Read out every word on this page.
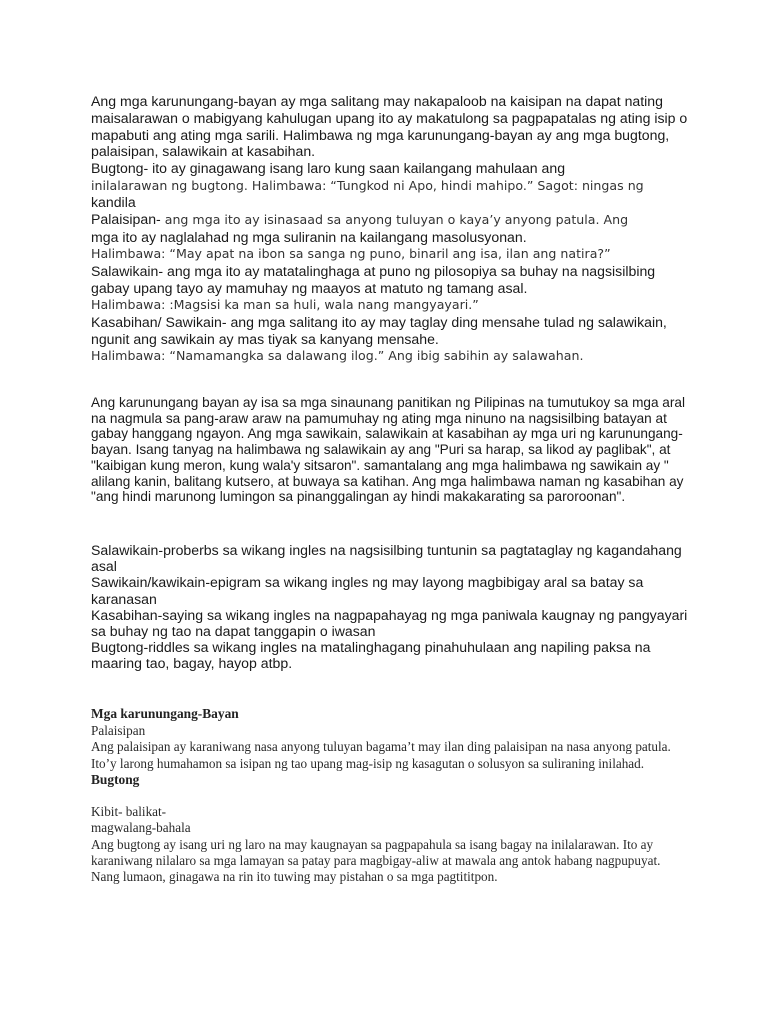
Ang mga karunungang-bayan ay mga salitang may nakapaloob na kaisipan na dapat nating maisalarawan o mabigyang kahulugan upang ito ay makatulong sa pagpapatalas ng ating isip o mapabuti ang ating mga sarili. Halimbawa ng mga karunungang-bayan ay ang mga bugtong, palaisipan, salawikain at kasabihan.

Bugtong- ito ay ginagawang isang laro kung saan kailangang mahulaan ang

inilalarawan ng bugtong. Halimbawa: “Tungkod ni Apo, hindi mahipo.” Sagot: ningas ng

kandila

Palaisipan- ang mga ito ay isinasaad sa anyong tuluyan o kaya’y anyong patula. Ang

mga ito ay naglalahad ng mga suliranin na kailangang masolusyonan.

Halimbawa: “May apat na ibon sa sanga ng puno, binaril ang isa, ilan ang natira?”

Salawikain- ang mga ito ay matatalinghaga at puno ng pilosopiya sa buhay na nagsisilbing gabay upang tayo ay mamuhay ng maayos at matuto ng tamang asal.

Halimbawa: :Magsisi ka man sa huli, wala nang mangyayari.”

Kasabihan/ Sawikain- ang mga salitang ito ay may taglay ding mensahe tulad ng salawikain, ngunit ang sawikain ay mas tiyak sa kanyang mensahe.

Halimbawa: “Namamangka sa dalawang ilog.” Ang ibig sabihin ay salawahan.

Ang karunungang bayan ay isa sa mga sinaunang panitikan ng Pilipinas na tumutukoy sa mga aral na nagmula sa pang-araw araw na pamumuhay ng ating mga ninuno na nagsisilbing batayan at gabay hanggang ngayon. Ang mga sawikain, salawikain at kasabihan ay mga uri ng karunungang-bayan. Isang tanyag na halimbawa ng salawikain ay ang "Puri sa harap, sa likod ay paglibak", at "kaibigan kung meron, kung wala'y sitsaron". samantalang ang mga halimbawa ng sawikain ay " alilang kanin, balitang kutsero, at buwaya sa katihan. Ang mga halimbawa naman ng kasabihan ay "ang hindi marunong lumingon sa pinanggalingan ay hindi makakarating sa paroroonan".

Salawikain-proberbs sa wikang ingles na nagsisilbing tuntunin sa pagtataglay ng kagandahang asal

Sawikain/kawikain-epigram sa wikang ingles ng may layong magbibigay aral sa batay sa karanasan

Kasabihan-saying sa wikang ingles na nagpapahayag ng mga paniwala kaugnay ng pangyayari sa buhay ng tao na dapat tanggapin o iwasan

Bugtong-riddles sa wikang ingles na matalinghagang pinahuhulaan ang napiling paksa na maaring tao, bagay, hayop atbp.

Mga karunungang-Bayan

Palaisipan

Ang palaisipan ay karaniwang nasa anyong tuluyan bagama’t may ilan ding palaisipan na nasa anyong patula. Ito’y larong humahamon sa isipan ng tao upang mag-isip ng kasagutan o solusyon sa suliraning inilahad.

Bugtong

Kibit- balikat-

magwalang-bahala

Ang bugtong ay isang uri ng laro na may kaugnayan sa pagpapahula sa isang bagay na inilalarawan. Ito ay karaniwang nilalaro sa mga lamayan sa patay para magbigay-aliw at mawala ang antok habang nagpupuyat. Nang lumaon, ginagawa na rin ito tuwing may pistahan o sa mga pagtititpon.
